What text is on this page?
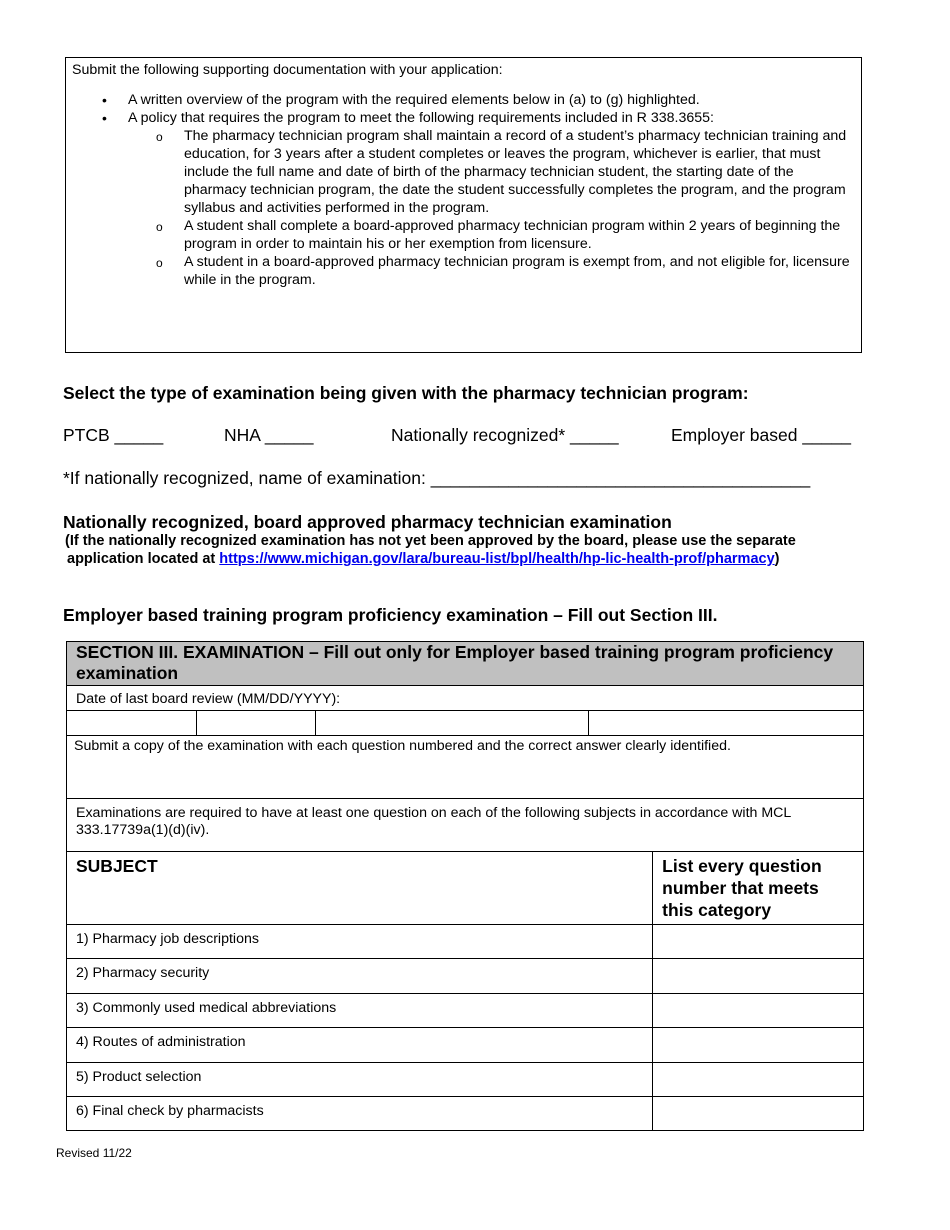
Submit the following supporting documentation with your application:
• A written overview of the program with the required elements below in (a) to (g) highlighted.
• A policy that requires the program to meet the following requirements included in R 338.3655:
o The pharmacy technician program shall maintain a record of a student’s pharmacy technician training and education, for 3 years after a student completes or leaves the program, whichever is earlier, that must include the full name and date of birth of the pharmacy technician student, the starting date of the pharmacy technician program, the date the student successfully completes the program, and the program syllabus and activities performed in the program.
o A student shall complete a board-approved pharmacy technician program within 2 years of beginning the program in order to maintain his or her exemption from licensure.
o A student in a board-approved pharmacy technician program is exempt from, and not eligible for, licensure while in the program.
Select the type of examination being given with the pharmacy technician program:
PTCB _____	NHA _____	Nationally recognized* _____	Employer based _____
*If nationally recognized, name of examination: _______________________________________
Nationally recognized, board approved pharmacy technician examination
(If the nationally recognized examination has not yet been approved by the board, please use the separate
application located at https://www.michigan.gov/lara/bureau-list/bpl/health/hp-lic-health-prof/pharmacy)
Employer based training program proficiency examination – Fill out Section III.
SECTION III. EXAMINATION – Fill out only for Employer based training program proficiency examination				
Date of last board review (MM/DD/YYYY):				

Submit a copy of the examination with each question numbered and the correct answer clearly identified.				
Examinations are required to have at least one question on each of the following subjects in accordance with MCL 333.17739a(1)(d)(iv).				
SUBJECT				List every question number that meets this category
1) Pharmacy job descriptions				
2) Pharmacy security				
3) Commonly used medical abbreviations				
4) Routes of administration				
5) Product selection				
6) Final check by pharmacists				
Revised 11/22
